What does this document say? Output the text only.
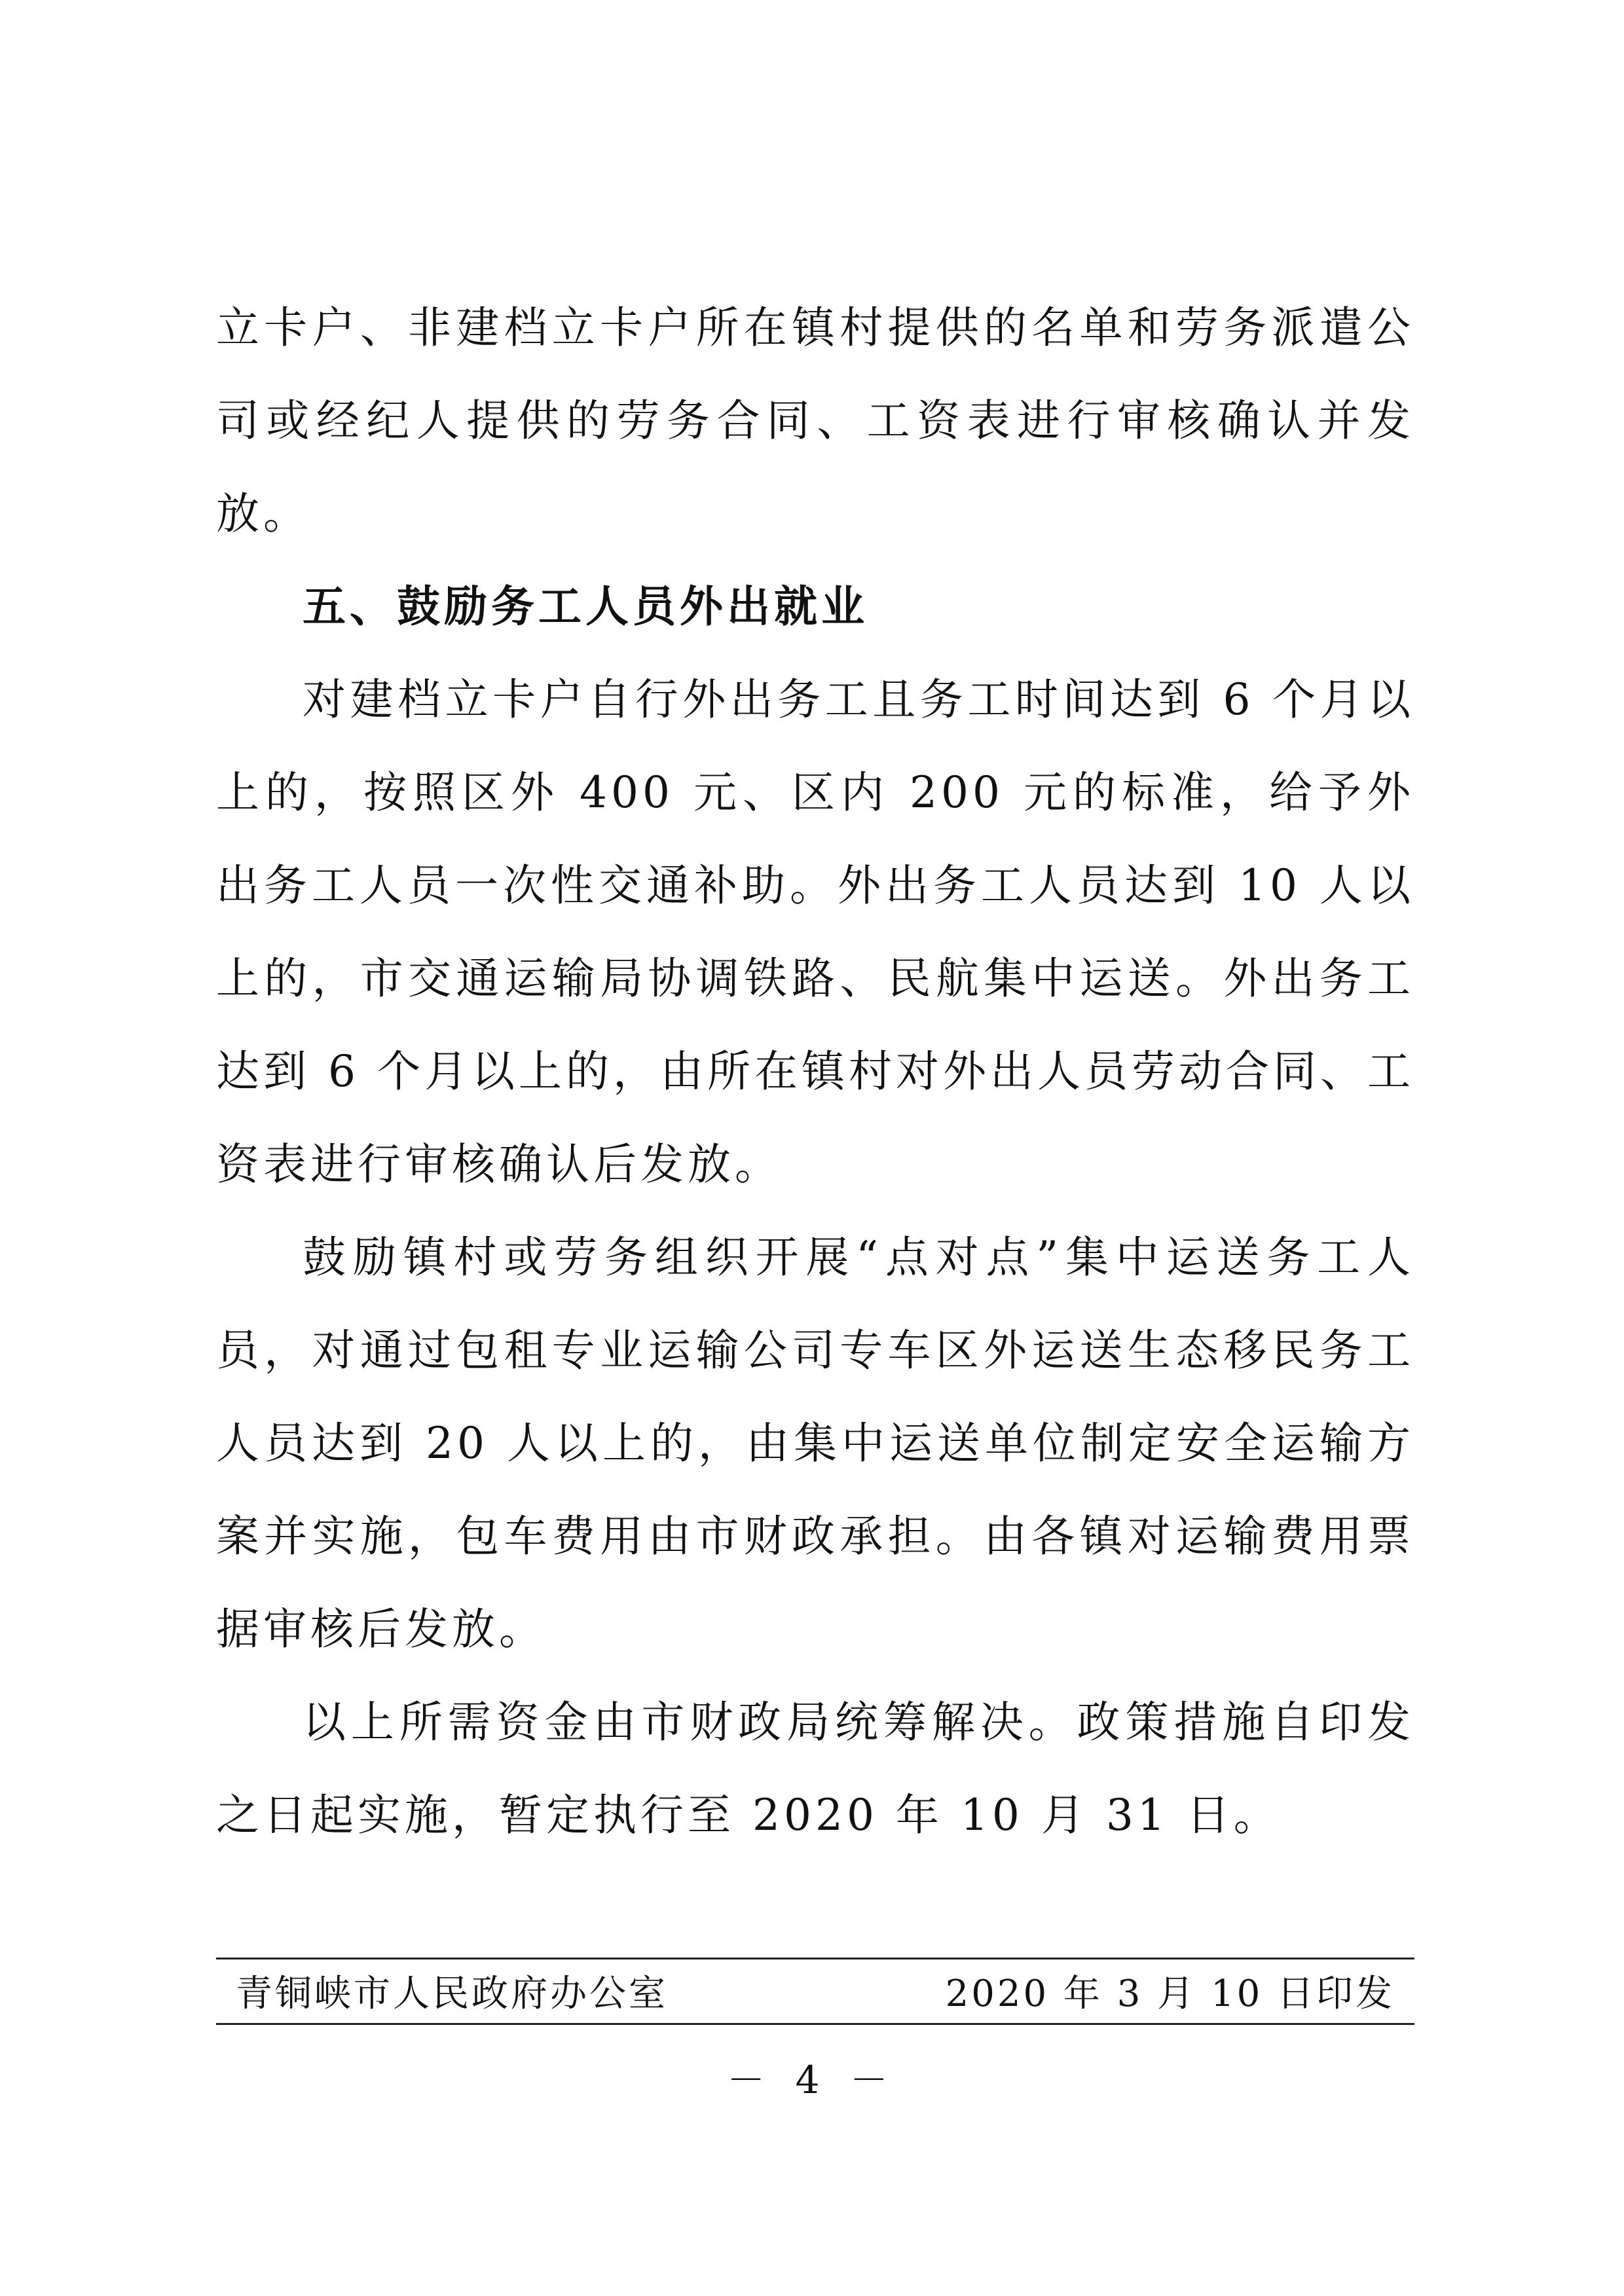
立卡户、非建档立卡户所在镇村提供的名单和劳务派遣公司或经纪人提供的劳务合同、工资表进行审核确认并发放。

五、鼓励务工人员外出就业

对建档立卡户自行外出务工且务工时间达到 6 个月以上的，按照区外 400 元、区内 200 元的标准，给予外出务工人员一次性交通补助。外出务工人员达到 10 人以上的，市交通运输局协调铁路、民航集中运送。外出务工达到 6 个月以上的，由所在镇村对外出人员劳动合同、工资表进行审核确认后发放。

鼓励镇村或劳务组织开展“点对点”集中运送务工人员，对通过包租专业运输公司专车区外运送生态移民务工人员达到 20 人以上的，由集中运送单位制定安全运输方案并实施，包车费用由市财政承担。由各镇对运输费用票据审核后发放。

以上所需资金由市财政局统筹解决。政策措施自印发之日起实施，暂定执行至 2020 年 10 月 31 日。

青铜峡市人民政府办公室	2020 年 3 月 10 日印发
－ 4 －
